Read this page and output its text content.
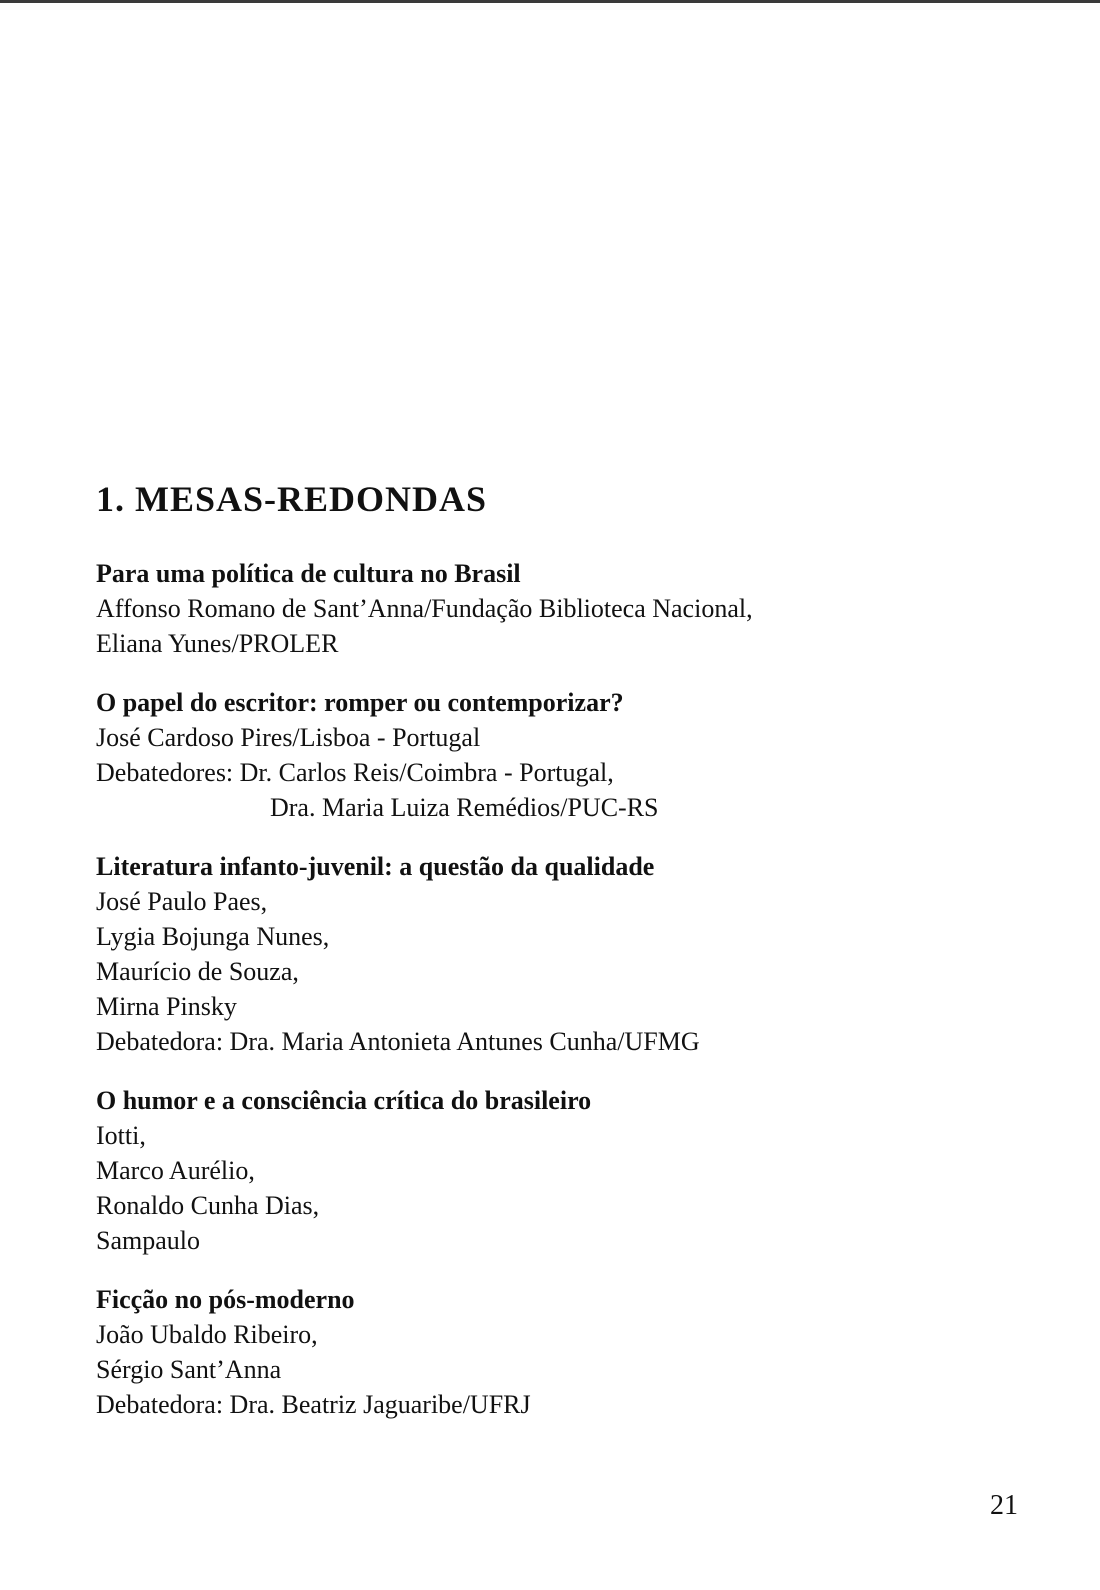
1. MESAS-REDONDAS
Para uma política de cultura no Brasil
Affonso Romano de Sant’Anna/Fundação Biblioteca Nacional,
Eliana Yunes/PROLER
O papel do escritor: romper ou contemporizar?
José Cardoso Pires/Lisboa - Portugal
Debatedores: Dr. Carlos Reis/Coimbra - Portugal,
Dra. Maria Luiza Remédios/PUC-RS
Literatura infanto-juvenil: a questão da qualidade
José Paulo Paes,
Lygia Bojunga Nunes,
Maurício de Souza,
Mirna Pinsky
Debatedora: Dra. Maria Antonieta Antunes Cunha/UFMG
O humor e a consciência crítica do brasileiro
Iotti,
Marco Aurélio,
Ronaldo Cunha Dias,
Sampaulo
Ficção no pós-moderno
João Ubaldo Ribeiro,
Sérgio Sant’Anna
Debatedora: Dra. Beatriz Jaguaribe/UFRJ
21
